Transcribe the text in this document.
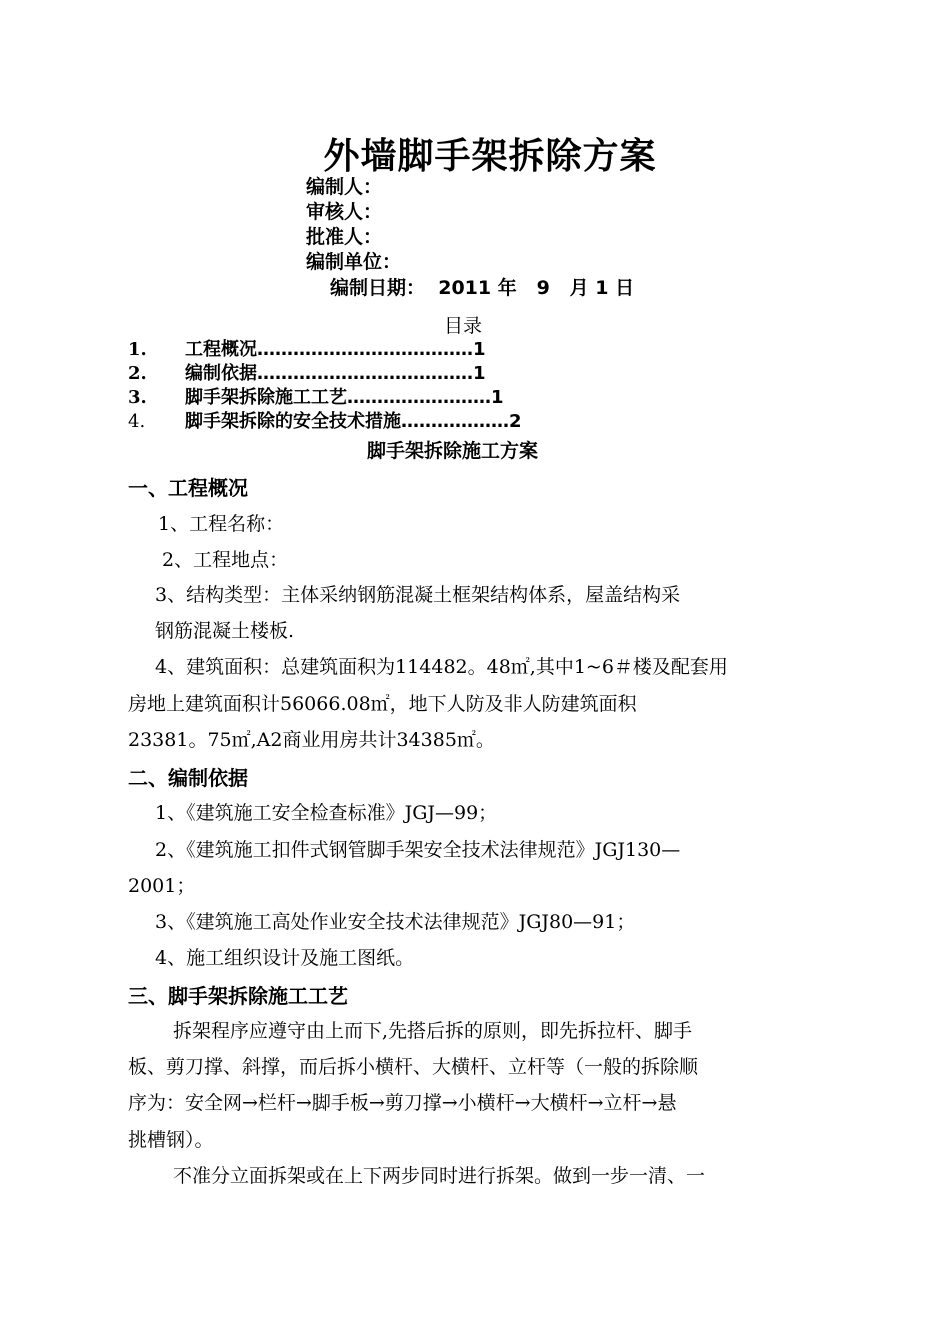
外墙脚手架拆除方案
编制人：
审核人：
批准人：
编制单位：
编制日期：  2011 年   9   月 1 日
目录
1.	工程概况………………………………1
2.	编制依据………………………………1
3.	脚手架拆除施工工艺……………………1
4.	脚手架拆除的安全技术措施………………2
脚手架拆除施工方案
一、工程概况
1、工程名称：
2、工程地点：
3、结构类型：主体采纳钢筋混凝土框架结构体系，屋盖结构采
钢筋混凝土楼板.
4、建筑面积：总建筑面积为114482。48㎡,其中1~6＃楼及配套用
房地上建筑面积计56066.08㎡，地下人防及非人防建筑面积
23381。75㎡,A2商业用房共计34385㎡。
二、编制依据
1、《建筑施工安全检查标准》JGJ—99；
2、《建筑施工扣件式钢管脚手架安全技术法律规范》JGJ130—
2001；
3、《建筑施工高处作业安全技术法律规范》JGJ80—91；
4、施工组织设计及施工图纸。
三、脚手架拆除施工工艺
拆架程序应遵守由上而下,先搭后拆的原则，即先拆拉杆、脚手
板、剪刀撑、斜撑，而后拆小横杆、大横杆、立杆等（一般的拆除顺
序为：安全网→栏杆→脚手板→剪刀撑→小横杆→大横杆→立杆→悬
挑槽钢）。
不准分立面拆架或在上下两步同时进行拆架。做到一步一清、一
